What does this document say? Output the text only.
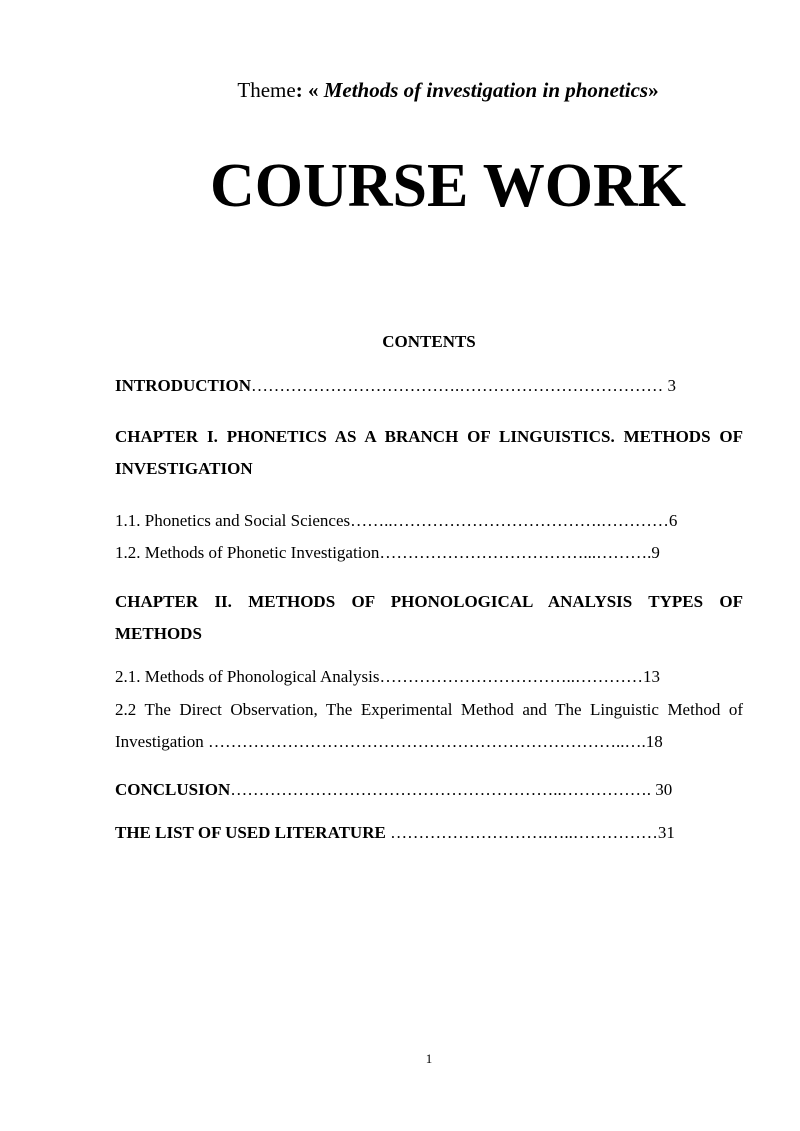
Theme: « Methods of investigation in phonetics»
COURSE WORK
CONTENTS
INTRODUCTION……………………………….……………………………… 3
CHAPTER I. PHONETICS AS A BRANCH OF LINGUISTICS. METHODS OF INVESTIGATION
1.1. Phonetics and Social Sciences……..……………………………….…………6
1.2. Methods of Phonetic Investigation………………………………...……….9
CHAPTER II. METHODS OF PHONOLOGICAL ANALYSIS TYPES OF METHODS
2.1. Methods of Phonological Analysis……………………………..…………13
2.2 The Direct Observation, The Experimental Method and The Linguistic Method of Investigation ………………………………………………………………..….18
CONCLUSION…………………………………………………..……………. 30
THE LIST OF USED LITERATURE ……………………….…..……………31
1
